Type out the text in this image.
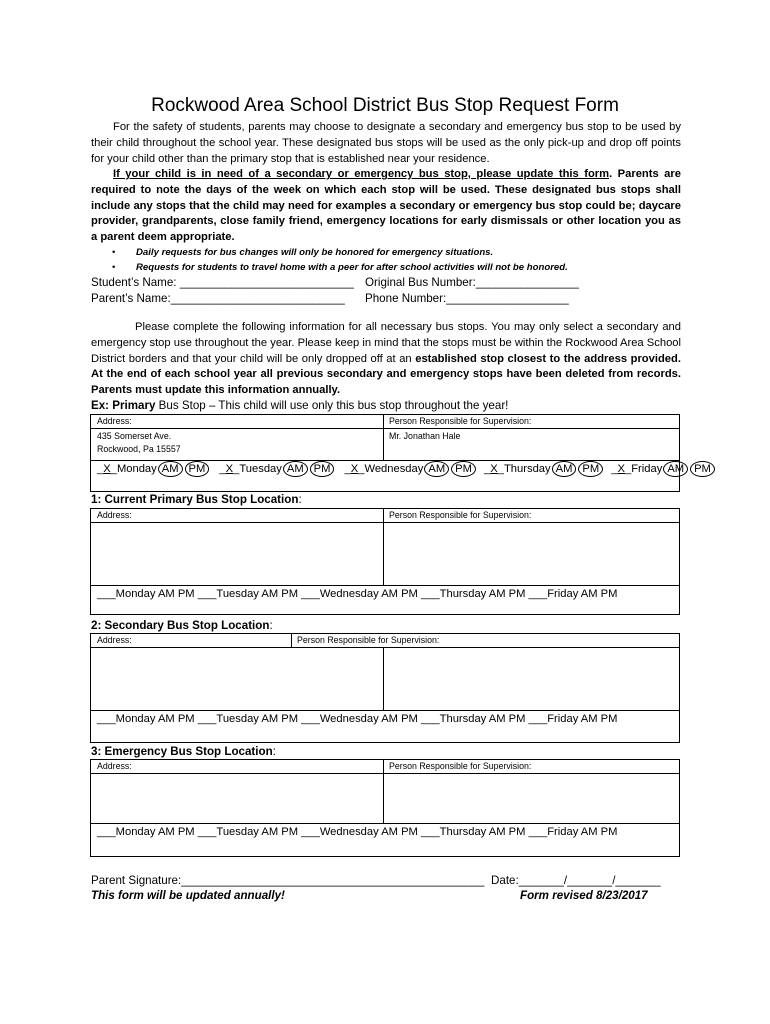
Rockwood Area School District Bus Stop Request Form
For the safety of students, parents may choose to designate a secondary and emergency bus stop to be used by their child throughout the school year. These designated bus stops will be used as the only pick-up and drop off points for your child other than the primary stop that is established near your residence.
If your child is in need of a secondary or emergency bus stop, please update this form. Parents are required to note the days of the week on which each stop will be used. These designated bus stops shall include any stops that the child may need for examples a secondary or emergency bus stop could be; daycare provider, grandparents, close family friend, emergency locations for early dismissals or other location you as a parent deem appropriate.
• Daily requests for bus changes will only be honored for emergency situations.
• Requests for students to travel home with a peer for after school activities will not be honored.
Student’s Name: ___________________________
Parent’s Name:___________________________
Original Bus Number:________________
Phone Number:___________________
Please complete the following information for all necessary bus stops. You may only select a secondary and emergency stop use throughout the year. Please keep in mind that the stops must be within the Rockwood Area School District borders and that your child will be only dropped off at an established stop closest to the address provided. At the end of each school year all previous secondary and emergency stops have been deleted from records. Parents must update this information annually.
Ex: Primary Bus Stop – This child will use only this bus stop throughout the year!
Address:	Person Responsible for Supervision:
435 Somerset Ave.
Rockwood, Pa 15557
Mr. Jonathan Hale
_X_Monday AM PM _X_Tuesday AM PM _X_Wednesday AM PM _X_Thursday AM PM _X_Friday AM PM
1: Current Primary Bus Stop Location:
Address:	Person Responsible for Supervision:
___Monday AM PM ___Tuesday AM PM ___Wednesday AM PM ___Thursday AM PM ___Friday AM PM
2: Secondary Bus Stop Location:
Address:	Person Responsible for Supervision:
___Monday AM PM ___Tuesday AM PM ___Wednesday AM PM ___Thursday AM PM ___Friday AM PM
3: Emergency Bus Stop Location:
Address:	Person Responsible for Supervision:
___Monday AM PM ___Tuesday AM PM ___Wednesday AM PM ___Thursday AM PM ___Friday AM PM
Parent Signature:_______________________________________________ Date:_______/_______/_______
This form will be updated annually!	Form revised 8/23/2017
